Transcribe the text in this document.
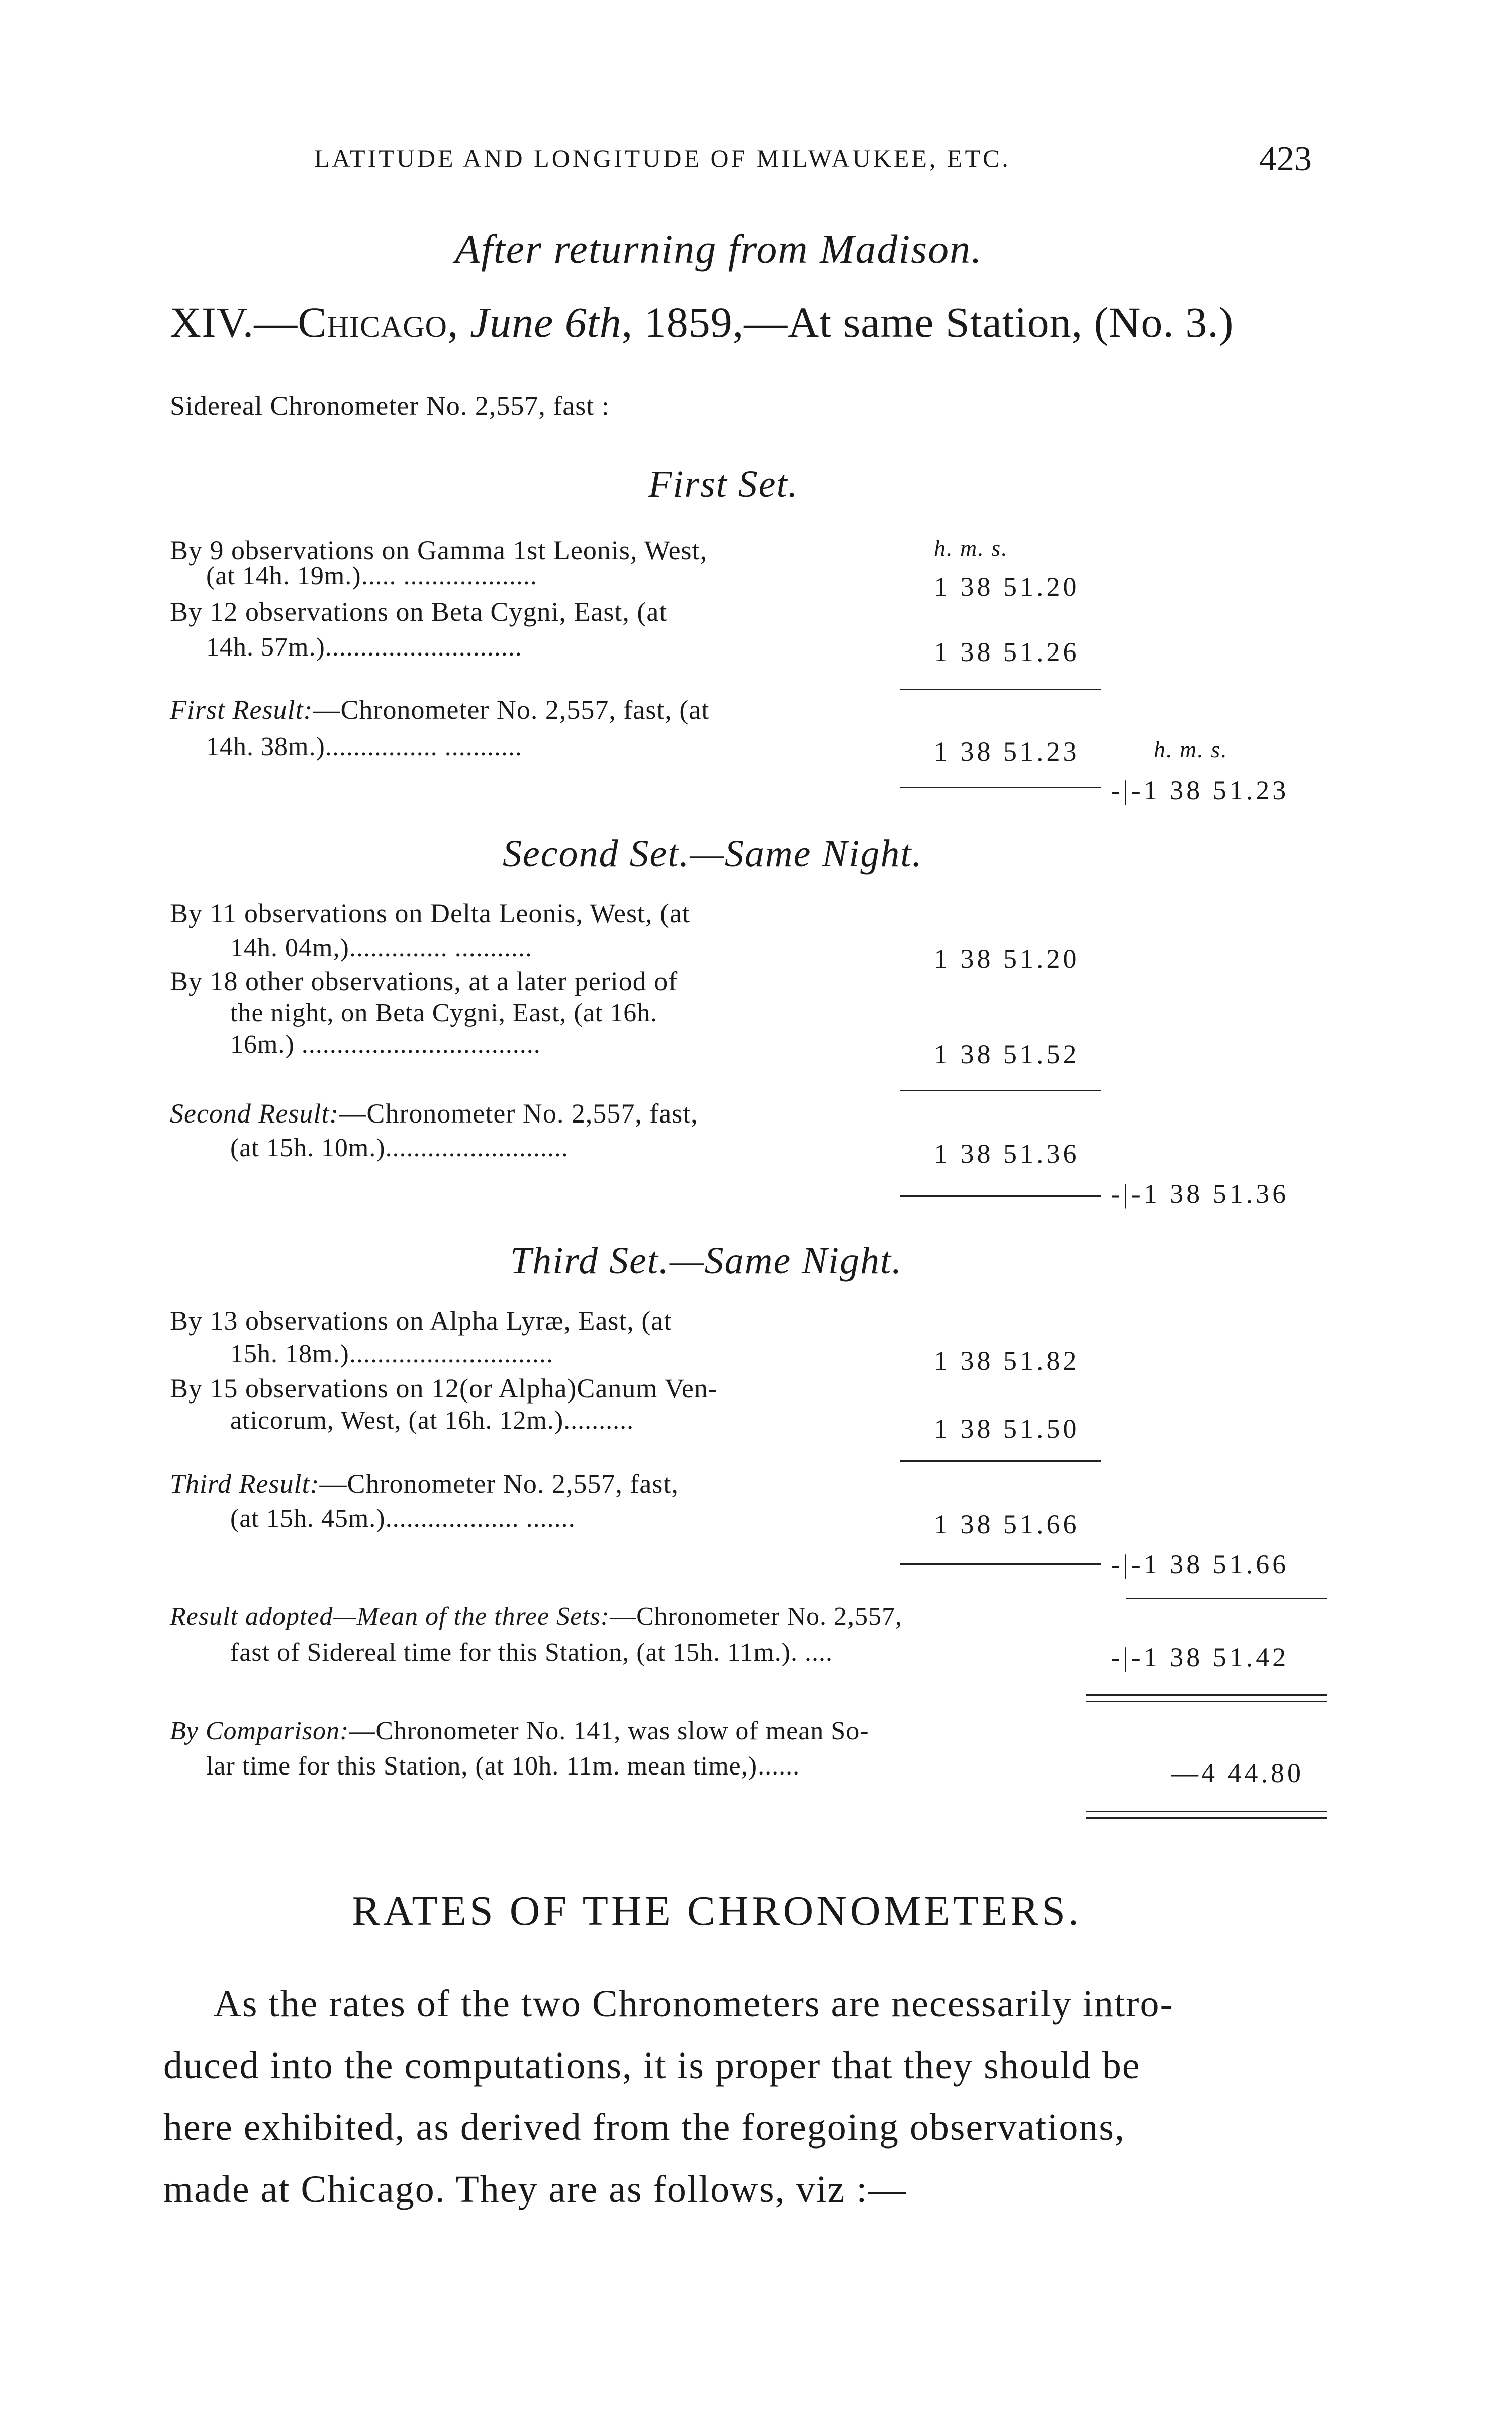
LATITUDE AND LONGITUDE OF MILWAUKEE, ETC.	423
After returning from Madison.
XIV.—Chicago, June 6th, 1859,—At same Station, (No. 3.)
Sidereal Chronometer No. 2,557, fast :
First Set.
h. m. s.
By 9 observations on Gamma 1st Leonis, West,
(at 14h. 19m.)..... ...................	1 38 51.20
By 12 observations on Beta Cygni, East, (at
14h. 57m.)............................	1 38 51.26
First Result:—Chronometer No. 2,557, fast, (at
14h. 38m.)................ ...........	1 38 51.23	h. m. s.
-|-1 38 51.23
Second Set.—Same Night.
By 11 observations on Delta Leonis, West, (at
14h. 04m,).............. ...........	1 38 51.20
By 18 other observations, at a later period of
the night, on Beta Cygni, East, (at 16h.
16m.) ..................................	1 38 51.52
Second Result:—Chronometer No. 2,557, fast,
(at 15h. 10m.)..........................	1 38 51.36
-|-1 38 51.36
Third Set.—Same Night.
By 13 observations on Alpha Lyræ, East, (at
15h. 18m.).............................	1 38 51.82
By 15 observations on 12(or Alpha)Canum Ven-
aticorum, West, (at 16h. 12m.)..........	1 38 51.50
Third Result:—Chronometer No. 2,557, fast,
(at 15h. 45m.)................... .......	1 38 51.66
-|-1 38 51.66
Result adopted—Mean of the three Sets:—Chronometer No. 2,557,
fast of Sidereal time for this Station, (at 15h. 11m.). ....	-|-1 38 51.42
By Comparison:—Chronometer No. 141, was slow of mean So-
lar time for this Station, (at 10h. 11m. mean time,)......	—4 44.80
RATES OF THE CHRONOMETERS.
As the rates of the two Chronometers are necessarily intro-
duced into the computations, it is proper that they should be
here exhibited, as derived from the foregoing observations,
made at Chicago. They are as follows, viz :—
